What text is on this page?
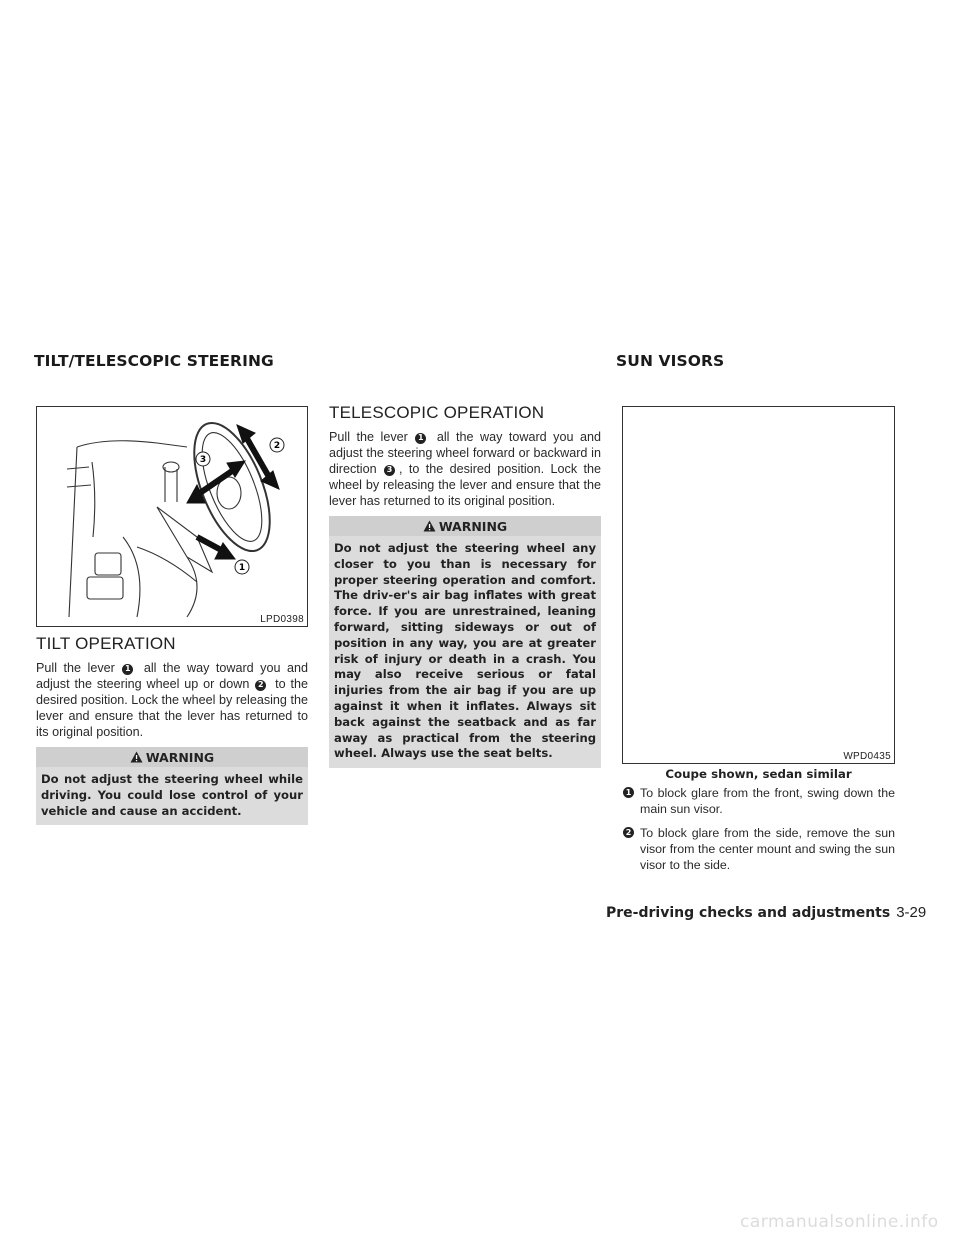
TILT/TELESCOPIC STEERING	SUN VISORS
2
3
1
LPD0398
TILT OPERATION

Pull the lever 1 all the way toward you and adjust the steering wheel up or down 2 to the desired position. Lock the wheel by releasing the lever and ensure that the lever has returned to its original position.

WARNING
Do not adjust the steering wheel while driving. You could lose control of your vehicle and cause an accident.
TELESCOPIC OPERATION

Pull the lever 1 all the way toward you and adjust the steering wheel forward or backward in direction 3 , to the desired position. Lock the wheel by releasing the lever and ensure that the lever has returned to its original position.

WARNING
Do not adjust the steering wheel any closer to you than is necessary for proper steering operation and comfort. The driv-er's air bag inflates with great force. If you are unrestrained, leaning forward, sitting sideways or out of position in any way, you are at greater risk of injury or death in a crash. You may also receive serious or fatal injuries from the air bag if you are up against it when it inflates. Always sit back against the seatback and as far away as practical from the steering wheel. Always use the seat belts.	WPD0435
Coupe shown, sedan similar
1 To block glare from the front, swing down the main sun visor.
2 To block glare from the side, remove the sun visor from the center mount and swing the sun visor to the side.
Pre-driving checks and adjustments 3-29
carmanualsonline.info
